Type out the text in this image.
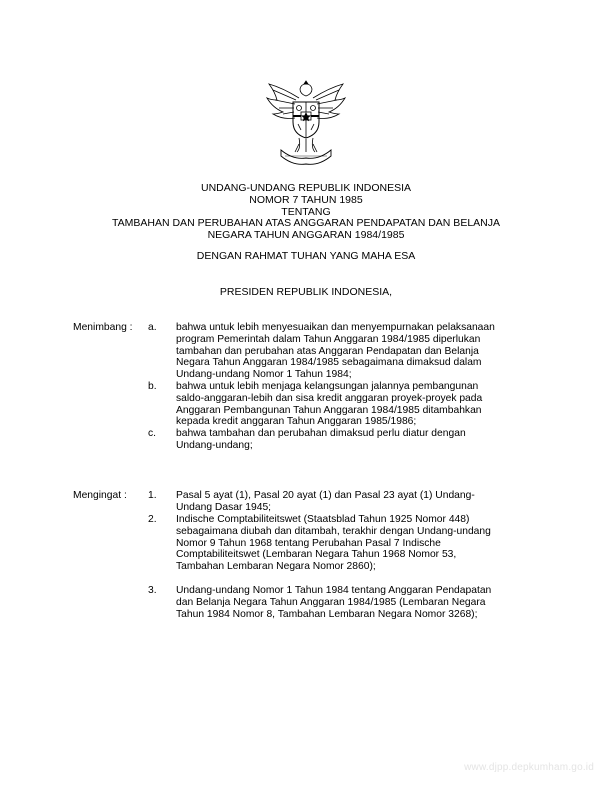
UNDANG-UNDANG REPUBLIK INDONESIA
NOMOR 7 TAHUN 1985
TENTANG
TAMBAHAN DAN PERUBAHAN ATAS ANGGARAN PENDAPATAN DAN BELANJA
NEGARA TAHUN ANGGARAN 1984/1985
DENGAN RAHMAT TUHAN YANG MAHA ESA
PRESIDEN REPUBLIK INDONESIA,
Menimbang : a. bahwa untuk lebih menyesuaikan dan menyempurnakan pelaksanaan
program Pemerintah dalam Tahun Anggaran 1984/1985 diperlukan
tambahan dan perubahan atas Anggaran Pendapatan dan Belanja
Negara Tahun Anggaran 1984/1985 sebagaimana dimaksud dalam
Undang-undang Nomor 1 Tahun 1984;
b. bahwa untuk lebih menjaga kelangsungan jalannya pembangunan
saldo-anggaran-lebih dan sisa kredit anggaran proyek-proyek pada
Anggaran Pembangunan Tahun Anggaran 1984/1985 ditambahkan
kepada kredit anggaran Tahun Anggaran 1985/1986;
c. bahwa tambahan dan perubahan dimaksud perlu diatur dengan
Undang-undang;
Mengingat : 1. Pasal 5 ayat (1), Pasal 20 ayat (1) dan Pasal 23 ayat (1) Undang-
Undang Dasar 1945;
2. Indische Comptabiliteitswet (Staatsblad Tahun 1925 Nomor 448)
sebagaimana diubah dan ditambah, terakhir dengan Undang-undang
Nomor 9 Tahun 1968 tentang Perubahan Pasal 7 Indische
Comptabiliteitswet (Lembaran Negara Tahun 1968 Nomor 53,
Tambahan Lembaran Negara Nomor 2860);
3. Undang-undang Nomor 1 Tahun 1984 tentang Anggaran Pendapatan
dan Belanja Negara Tahun Anggaran 1984/1985 (Lembaran Negara
Tahun 1984 Nomor 8, Tambahan Lembaran Negara Nomor 3268);
www.djpp.depkumham.go.id
